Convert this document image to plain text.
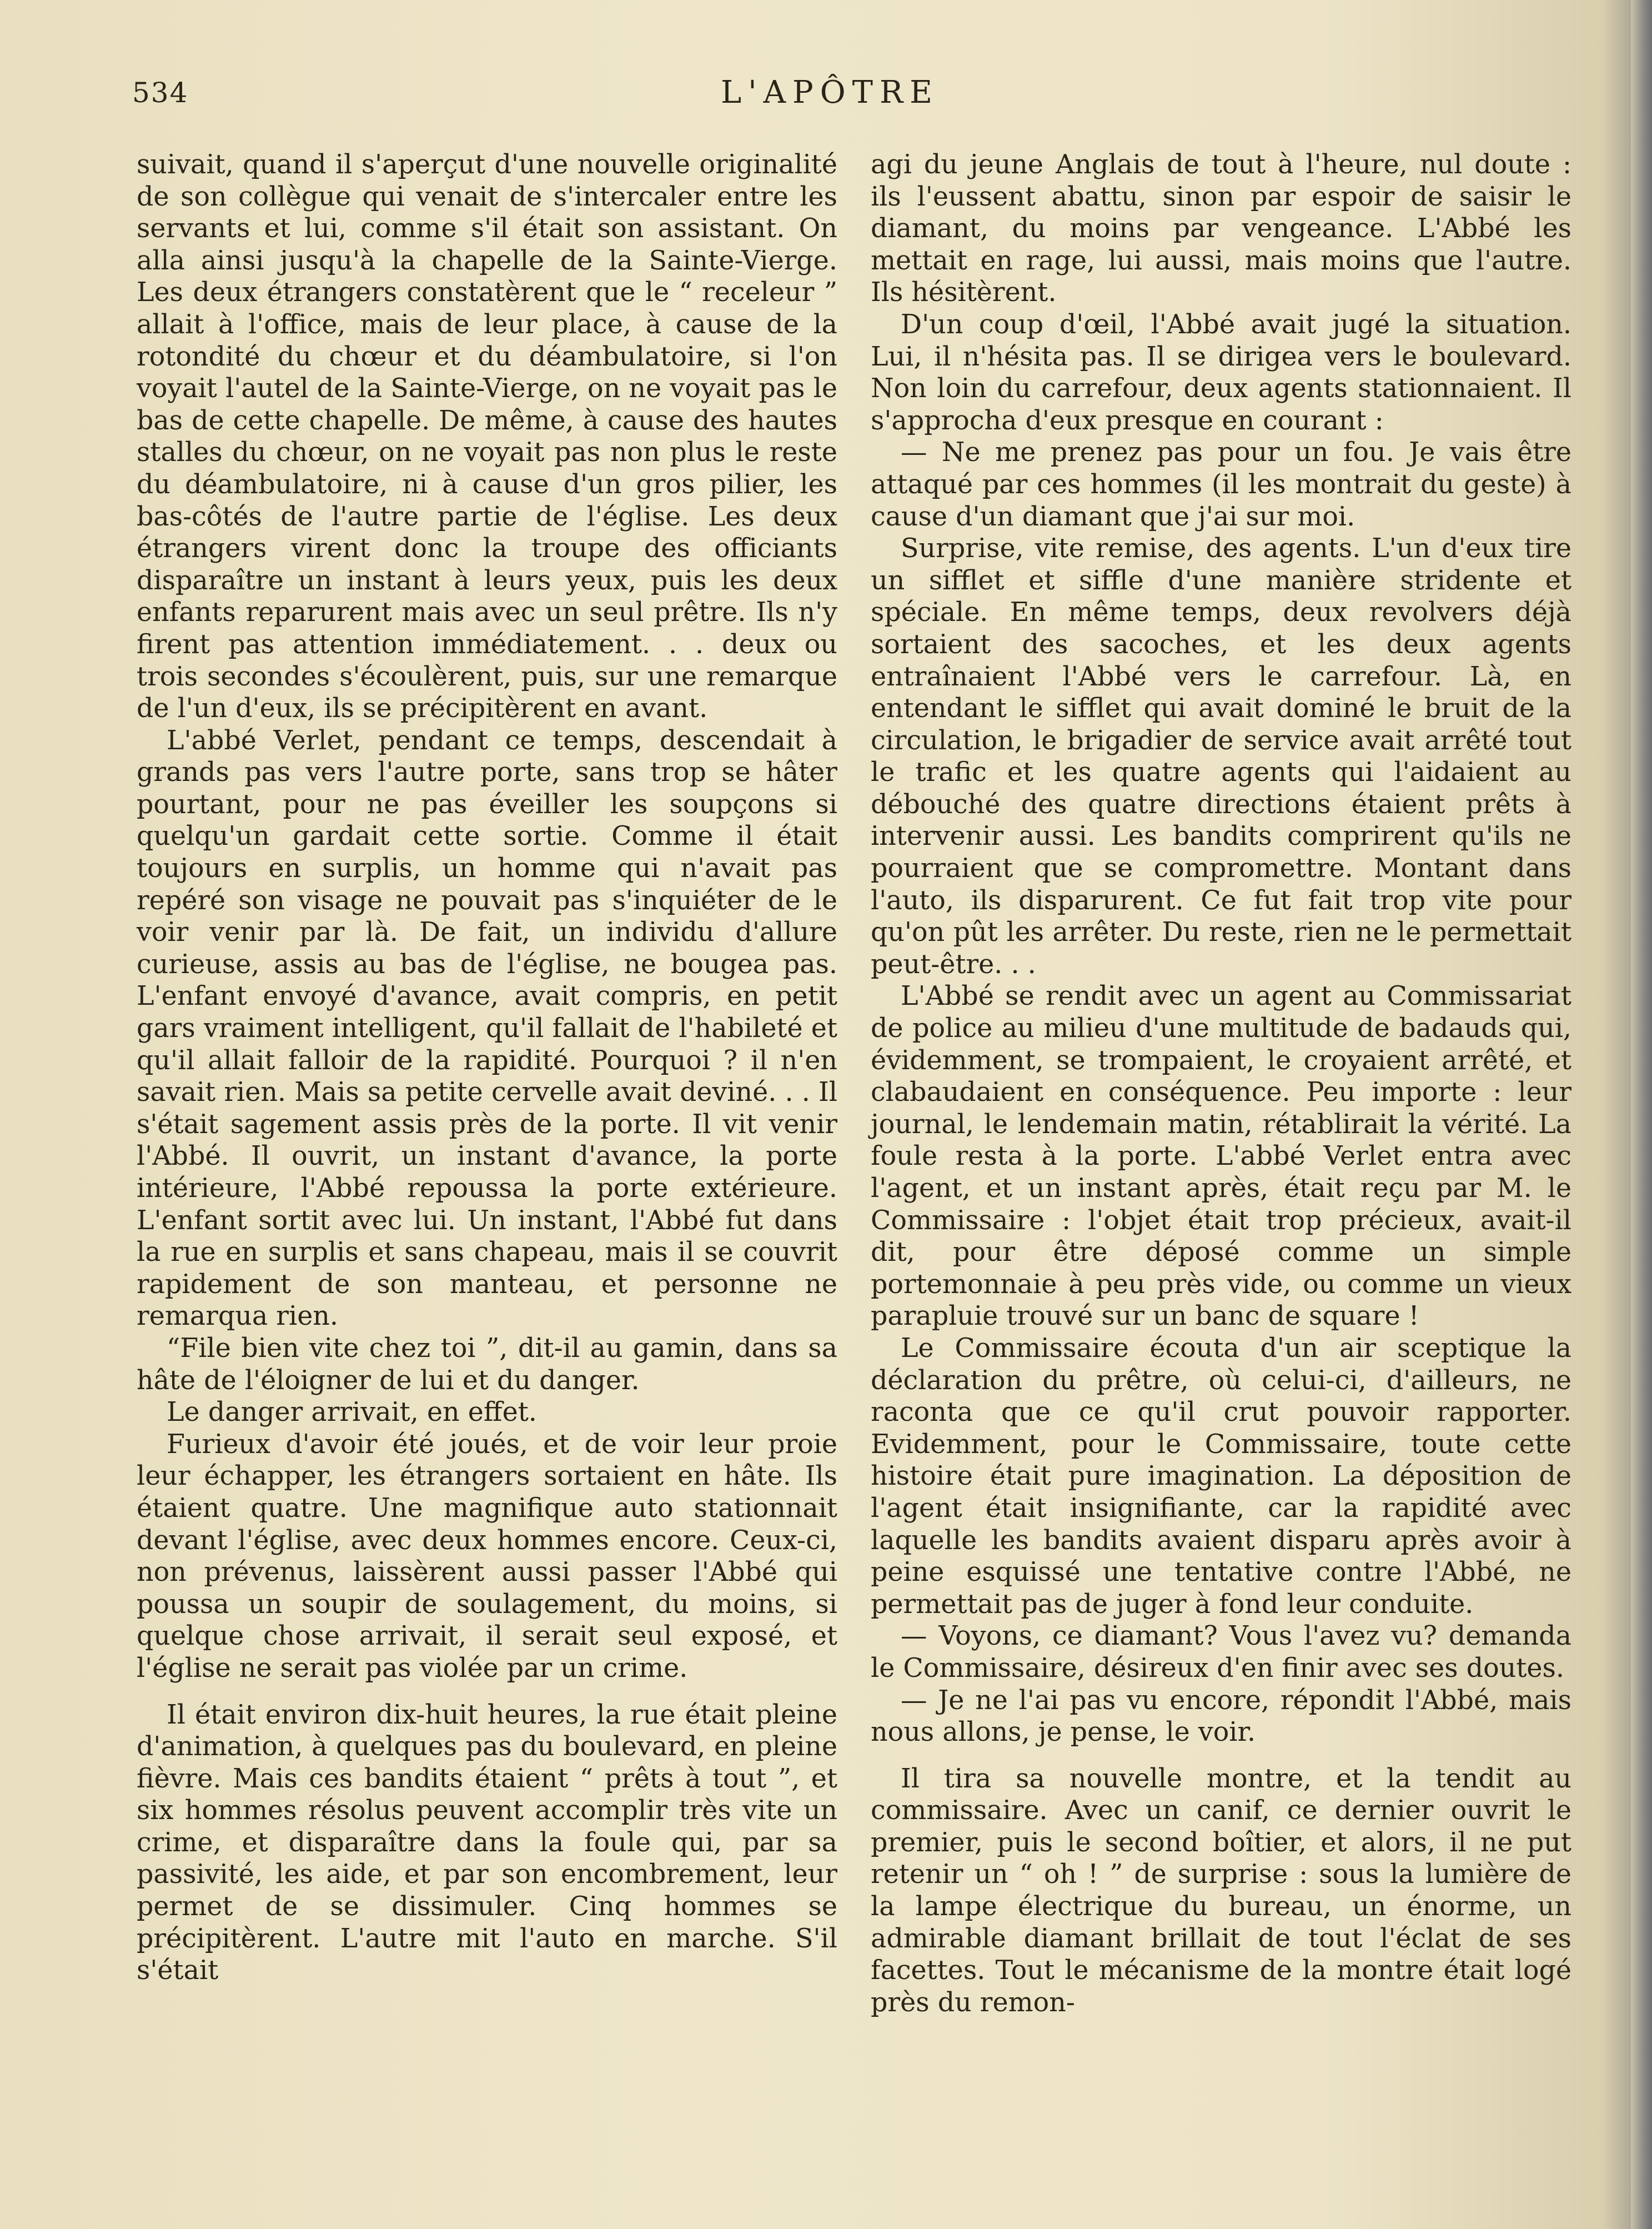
534	L'APÔTRE

suivait, quand il s'aperçut d'une nouvelle originalité de son collègue qui venait de s'intercaler entre les servants et lui, comme s'il était son assistant. On alla ainsi jusqu'à la chapelle de la Sainte-Vierge. Les deux étrangers constatèrent que le “ receleur ” allait à l'office, mais de leur place, à cause de la rotondité du chœur et du déambulatoire, si l'on voyait l'autel de la Sainte-Vierge, on ne voyait pas le bas de cette chapelle. De même, à cause des hautes stalles du chœur, on ne voyait pas non plus le reste du déambulatoire, ni à cause d'un gros pilier, les bas-côtés de l'autre partie de l'église. Les deux étrangers virent donc la troupe des officiants disparaître un instant à leurs yeux, puis les deux enfants reparurent mais avec un seul prêtre. Ils n'y firent pas attention immédiatement. . . deux ou trois secondes s'écoulèrent, puis, sur une remarque de l'un d'eux, ils se précipitèrent en avant.

L'abbé Verlet, pendant ce temps, descendait à grands pas vers l'autre porte, sans trop se hâter pourtant, pour ne pas éveiller les soupçons si quelqu'un gardait cette sortie. Comme il était toujours en surplis, un homme qui n'avait pas repéré son visage ne pouvait pas s'inquiéter de le voir venir par là. De fait, un individu d'allure curieuse, assis au bas de l'église, ne bougea pas. L'enfant envoyé d'avance, avait compris, en petit gars vraiment intelligent, qu'il fallait de l'habileté et qu'il allait falloir de la rapidité. Pourquoi ? il n'en savait rien. Mais sa petite cervelle avait deviné. . . Il s'était sagement assis près de la porte. Il vit venir l'Abbé. Il ouvrit, un instant d'avance, la porte intérieure, l'Abbé repoussa la porte extérieure. L'enfant sortit avec lui. Un instant, l'Abbé fut dans la rue en surplis et sans chapeau, mais il se couvrit rapidement de son manteau, et personne ne remarqua rien.

“File bien vite chez toi ”, dit-il au gamin, dans sa hâte de l'éloigner de lui et du danger.

Le danger arrivait, en effet.

Furieux d'avoir été joués, et de voir leur proie leur échapper, les étrangers sortaient en hâte. Ils étaient quatre. Une magnifique auto stationnait devant l'église, avec deux hommes encore. Ceux-ci, non prévenus, laissèrent aussi passer l'Abbé qui poussa un soupir de soulagement, du moins, si quelque chose arrivait, il serait seul exposé, et l'église ne serait pas violée par un crime.

Il était environ dix-huit heures, la rue était pleine d'animation, à quelques pas du boulevard, en pleine fièvre. Mais ces bandits étaient “ prêts à tout ”, et six hommes résolus peuvent accomplir très vite un crime, et disparaître dans la foule qui, par sa passivité, les aide, et par son encombrement, leur permet de se dissimuler. Cinq hommes se précipitèrent. L'autre mit l'auto en marche. S'il s'était

agi du jeune Anglais de tout à l'heure, nul doute : ils l'eussent abattu, sinon par espoir de saisir le diamant, du moins par vengeance. L'Abbé les mettait en rage, lui aussi, mais moins que l'autre. Ils hésitèrent.

D'un coup d'œil, l'Abbé avait jugé la situation. Lui, il n'hésita pas. Il se dirigea vers le boulevard. Non loin du carrefour, deux agents stationnaient. Il s'approcha d'eux presque en courant :

— Ne me prenez pas pour un fou. Je vais être attaqué par ces hommes (il les montrait du geste) à cause d'un diamant que j'ai sur moi.

Surprise, vite remise, des agents. L'un d'eux tire un sifflet et siffle d'une manière stridente et spéciale. En même temps, deux revolvers déjà sortaient des sacoches, et les deux agents entraînaient l'Abbé vers le carrefour. Là, en entendant le sifflet qui avait dominé le bruit de la circulation, le brigadier de service avait arrêté tout le trafic et les quatre agents qui l'aidaient au débouché des quatre directions étaient prêts à intervenir aussi. Les bandits comprirent qu'ils ne pourraient que se compromettre. Montant dans l'auto, ils disparurent. Ce fut fait trop vite pour qu'on pût les arrêter. Du reste, rien ne le permettait peut-être. . .

L'Abbé se rendit avec un agent au Commissariat de police au milieu d'une multitude de badauds qui, évidemment, se trompaient, le croyaient arrêté, et clabaudaient en conséquence. Peu importe : leur journal, le lendemain matin, rétablirait la vérité. La foule resta à la porte. L'abbé Verlet entra avec l'agent, et un instant après, était reçu par M. le Commissaire : l'objet était trop précieux, avait-il dit, pour être déposé comme un simple portemonnaie à peu près vide, ou comme un vieux parapluie trouvé sur un banc de square !

Le Commissaire écouta d'un air sceptique la déclaration du prêtre, où celui-ci, d'ailleurs, ne raconta que ce qu'il crut pouvoir rapporter. Evidemment, pour le Commissaire, toute cette histoire était pure imagination. La déposition de l'agent était insignifiante, car la rapidité avec laquelle les bandits avaient disparu après avoir à peine esquissé une tentative contre l'Abbé, ne permettait pas de juger à fond leur conduite.

— Voyons, ce diamant? Vous l'avez vu? demanda le Commissaire, désireux d'en finir avec ses doutes.

— Je ne l'ai pas vu encore, répondit l'Abbé, mais nous allons, je pense, le voir.

Il tira sa nouvelle montre, et la tendit au commissaire. Avec un canif, ce dernier ouvrit le premier, puis le second boîtier, et alors, il ne put retenir un “ oh ! ” de surprise : sous la lumière de la lampe électrique du bureau, un énorme, un admirable diamant brillait de tout l'éclat de ses facettes. Tout le mécanisme de la montre était logé près du remon-
